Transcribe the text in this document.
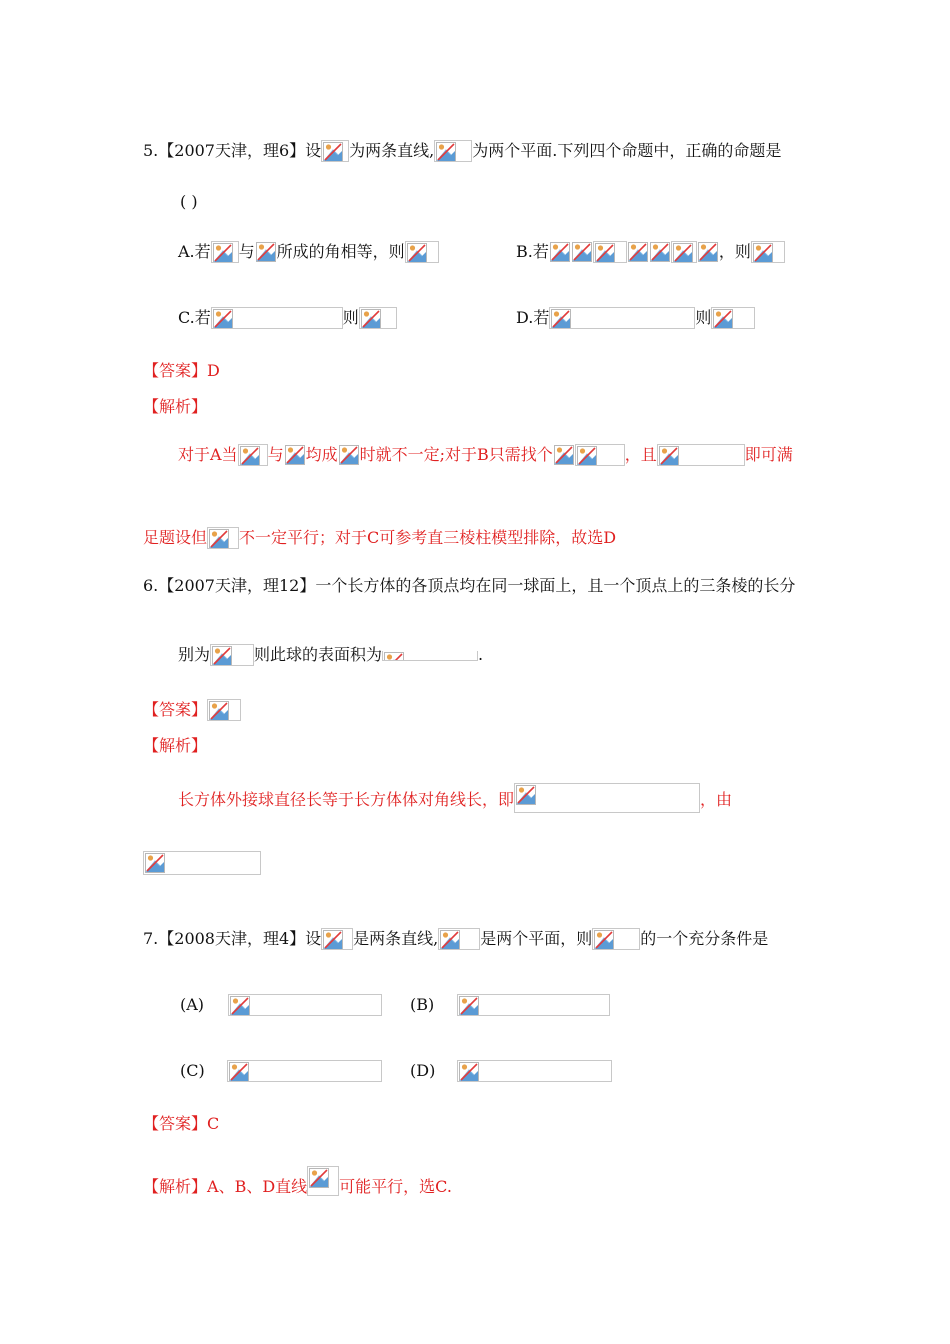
5.【2007天津，理6】设 为两条直线, 为两个平面.下列四个命题中，正确的命题是
( )
A.若 与 所成的角相等，则	B.若	，则
C.若	则	D.若	则
【答案】D
【解析】
对于A当 与 均成 时就不一定;对于B只需找个	，且	即可满
足题设但 不一定平行；对于C可参考直三棱柱模型排除，故选D
6.【2007天津，理12】一个长方体的各顶点均在同一球面上，且一个顶点上的三条棱的长分
别为	则此球的表面积为	.
【答案】
【解析】
长方体外接球直径长等于长方体体对角线长，即	，由
7.【2008天津，理4】设 是两条直线,	是两个平面，则	的一个充分条件是
(A)	(B)
(C)	(D)
【答案】C
【解析】A、B、D直线 可能平行，选C.
